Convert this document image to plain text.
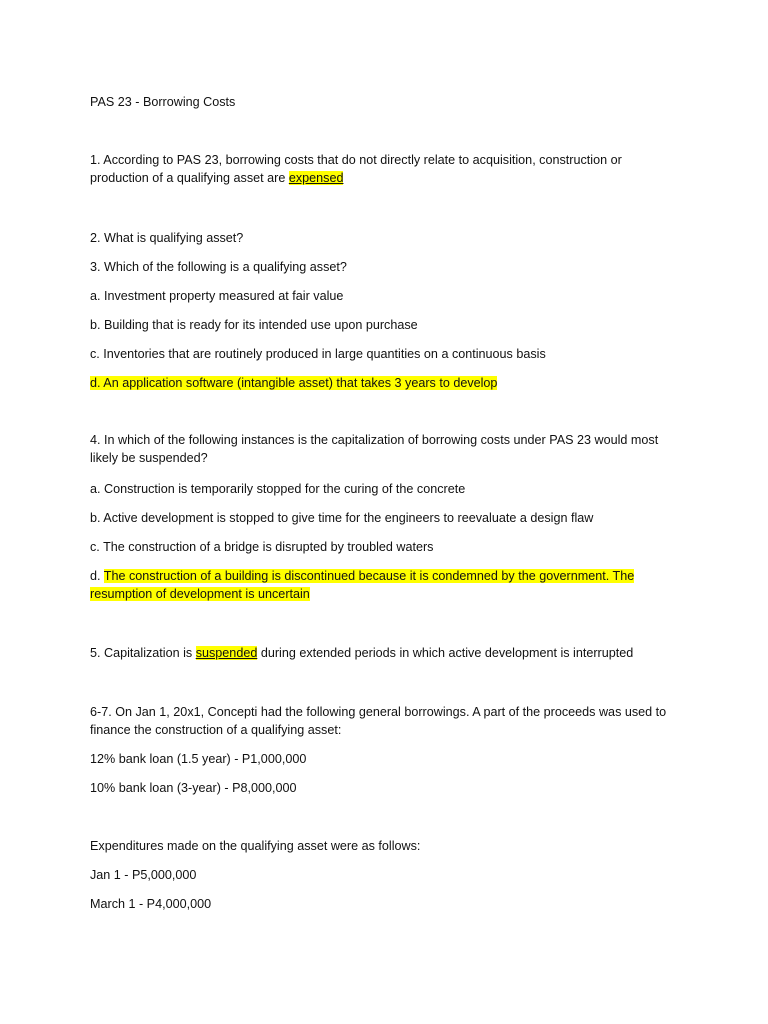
PAS 23 - Borrowing Costs
1. According to PAS 23, borrowing costs that do not directly relate to acquisition, construction or
production of a qualifying asset are expensed
2. What is qualifying asset?
3. Which of the following is a qualifying asset?
a. Investment property measured at fair value
b. Building that is ready for its intended use upon purchase
c. Inventories that are routinely produced in large quantities on a continuous basis
d. An application software (intangible asset) that takes 3 years to develop
4. In which of the following instances is the capitalization of borrowing costs under PAS 23 would most
likely be suspended?
a. Construction is temporarily stopped for the curing of the concrete
b. Active development is stopped to give time for the engineers to reevaluate a design flaw
c. The construction of a bridge is disrupted by troubled waters
d. The construction of a building is discontinued because it is condemned by the government. The
resumption of development is uncertain
5. Capitalization is suspended during extended periods in which active development is interrupted
6-7. On Jan 1, 20x1, Concepti had the following general borrowings. A part of the proceeds was used to
finance the construction of a qualifying asset:
12% bank loan (1.5 year) - P1,000,000
10% bank loan (3-year) - P8,000,000
Expenditures made on the qualifying asset were as follows:
Jan 1 - P5,000,000
March 1 - P4,000,000
